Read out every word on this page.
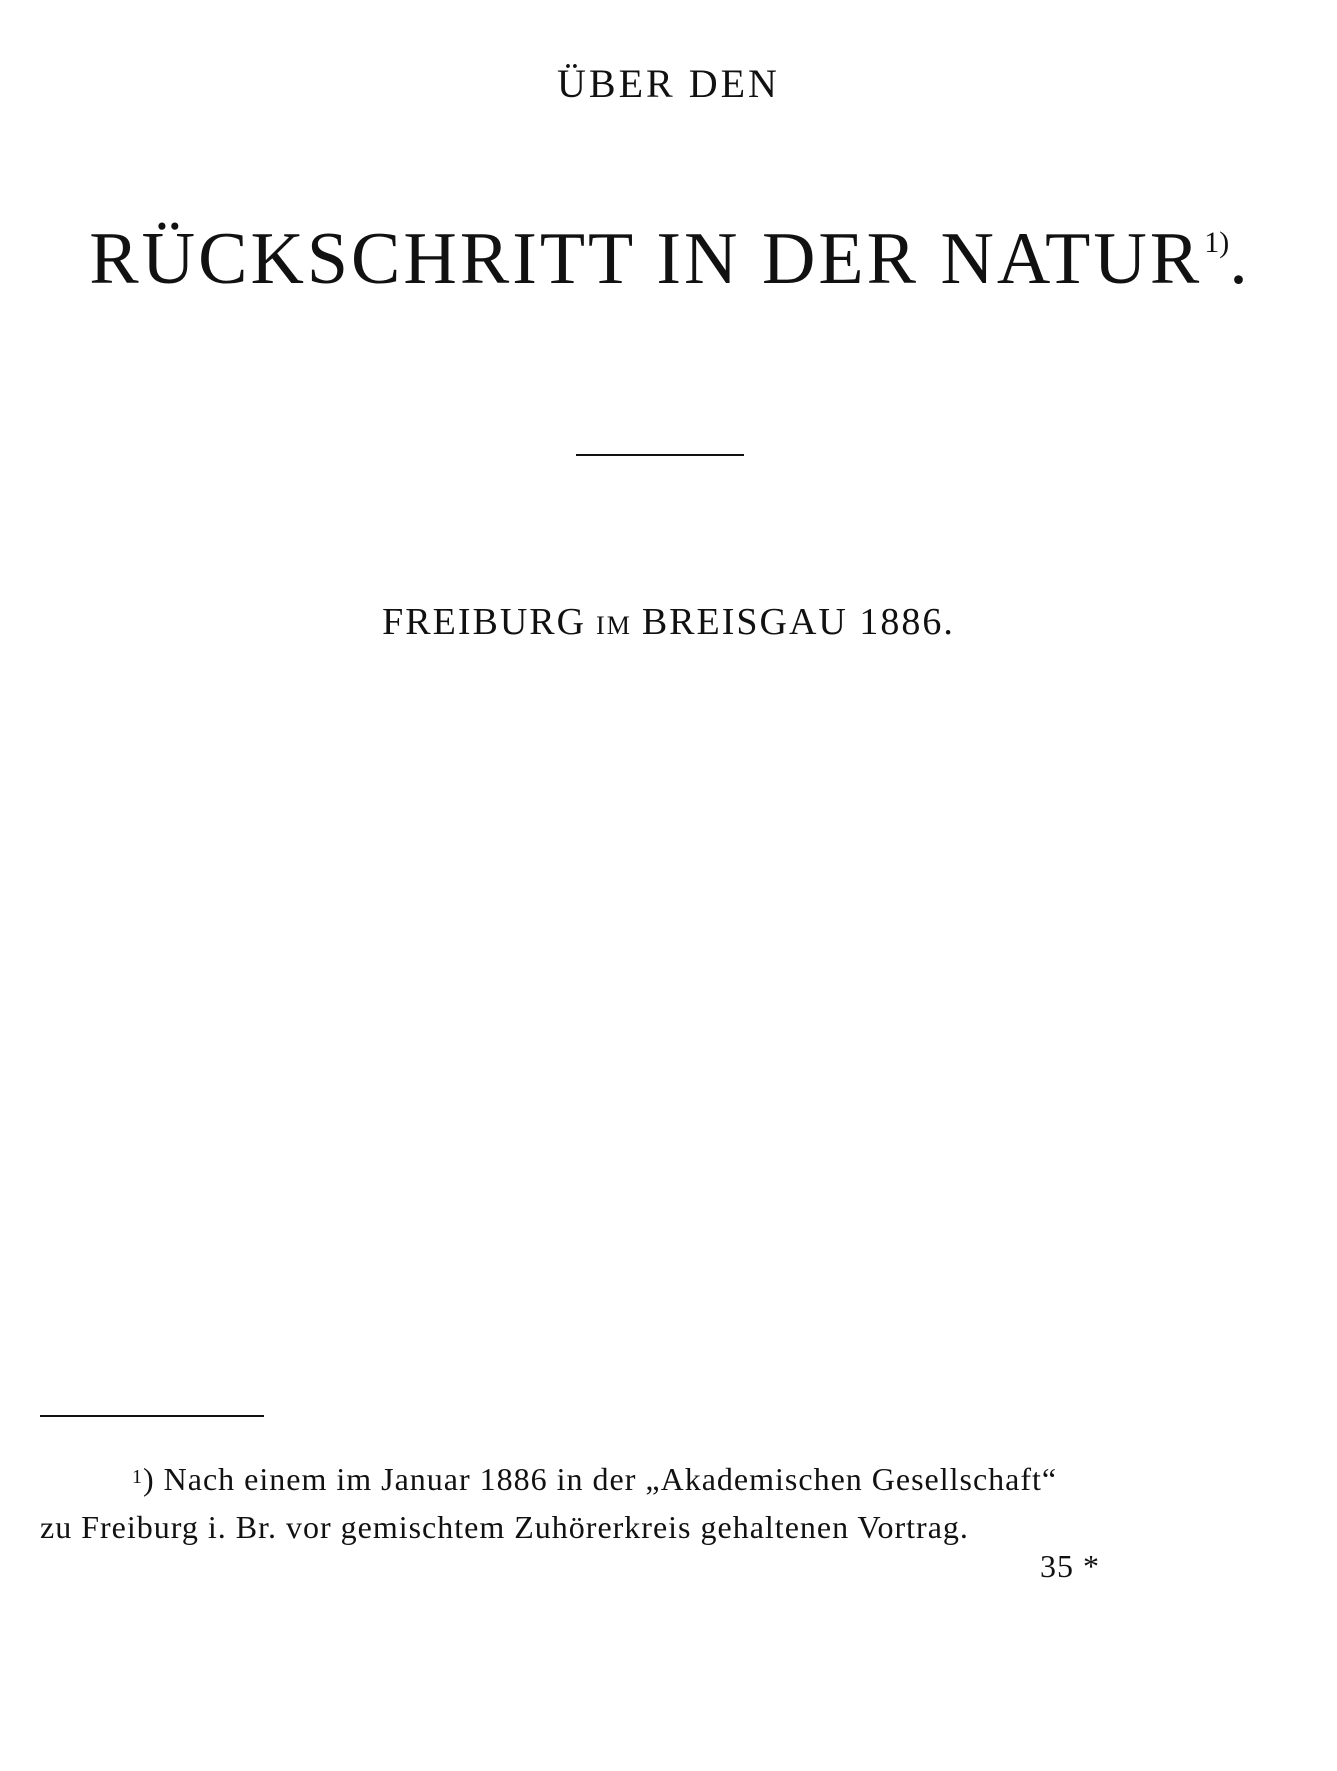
ÜBER DEN
RÜCKSCHRITT IN DER NATUR$^{1)}$.
FREIBURG IM BREISGAU 1886.
$^1$) Nach einem im Januar 1886 in der „Akademischen Gesellschaft“
zu Freiburg i. Br. vor gemischtem Zuhörerkreis gehaltenen Vortrag.
35 *
